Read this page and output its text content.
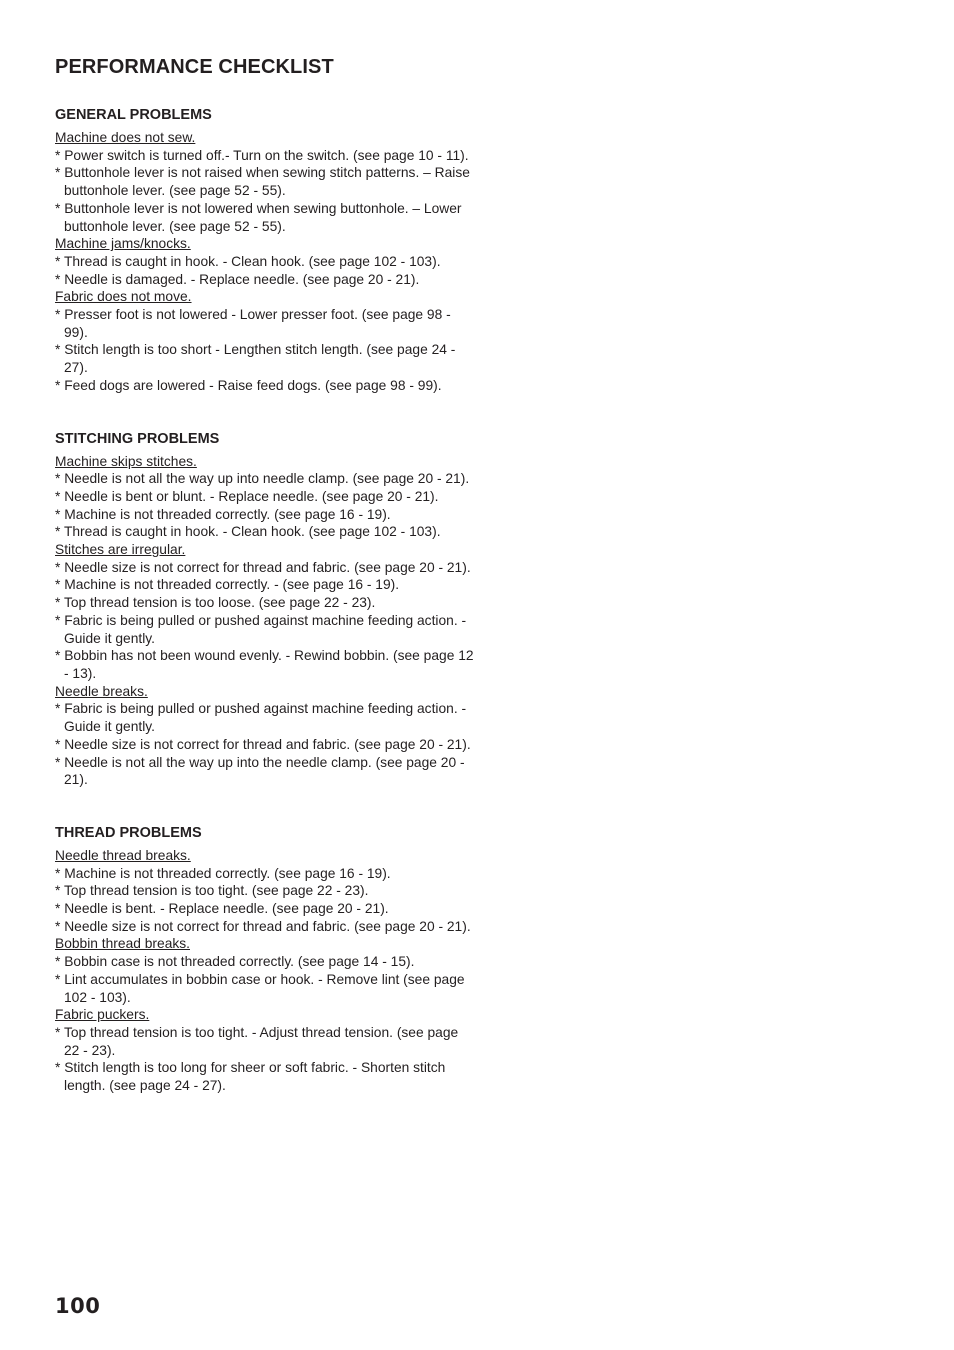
PERFORMANCE CHECKLIST
GENERAL PROBLEMS

Machine does not sew.

* Power switch is turned off.- Turn on the switch. (see page 10 - 11).

* Buttonhole lever is not raised when sewing stitch patterns. – Raise buttonhole lever. (see page 52 - 55).

* Buttonhole lever is not lowered when sewing buttonhole. – Lower buttonhole lever. (see page 52 - 55).

Machine jams/knocks.

* Thread is caught in hook. - Clean hook. (see page 102 - 103).

* Needle is damaged. - Replace needle. (see page 20 - 21).

Fabric does not move.

* Presser foot is not lowered - Lower presser foot. (see page 98 - 99).

* Stitch length is too short - Lengthen stitch length. (see page 24 - 27).

* Feed dogs are lowered - Raise feed dogs. (see page 98 - 99).

STITCHING PROBLEMS

Machine skips stitches.

* Needle is not all the way up into needle clamp. (see page 20 - 21).

* Needle is bent or blunt. - Replace needle. (see page 20 - 21).

* Machine is not threaded correctly. (see page 16 - 19).

* Thread is caught in hook. - Clean hook. (see page 102 - 103).

Stitches are irregular.

* Needle size is not correct for thread and fabric. (see page 20 - 21).

* Machine is not threaded correctly. - (see page 16 - 19).

* Top thread tension is too loose. (see page 22 - 23).

* Fabric is being pulled or pushed against machine feeding action. - Guide it gently.

* Bobbin has not been wound evenly. - Rewind bobbin. (see page 12 - 13).

Needle breaks.

* Fabric is being pulled or pushed against machine feeding action. - Guide it gently.

* Needle size is not correct for thread and fabric. (see page 20 - 21).

* Needle is not all the way up into the needle clamp. (see page 20 - 21).

THREAD PROBLEMS

Needle thread breaks.

* Machine is not threaded correctly. (see page 16 - 19).

* Top thread tension is too tight. (see page 22 - 23).

* Needle is bent. - Replace needle. (see page 20 - 21).

* Needle size is not correct for thread and fabric. (see page 20 - 21).

Bobbin thread breaks.

* Bobbin case is not threaded correctly. (see page 14 - 15).

* Lint accumulates in bobbin case or hook. - Remove lint (see page 102 - 103).

Fabric puckers.

* Top thread tension is too tight. - Adjust thread tension. (see page 22 - 23).

* Stitch length is too long for sheer or soft fabric. - Shorten stitch length. (see page 24 - 27).

100
